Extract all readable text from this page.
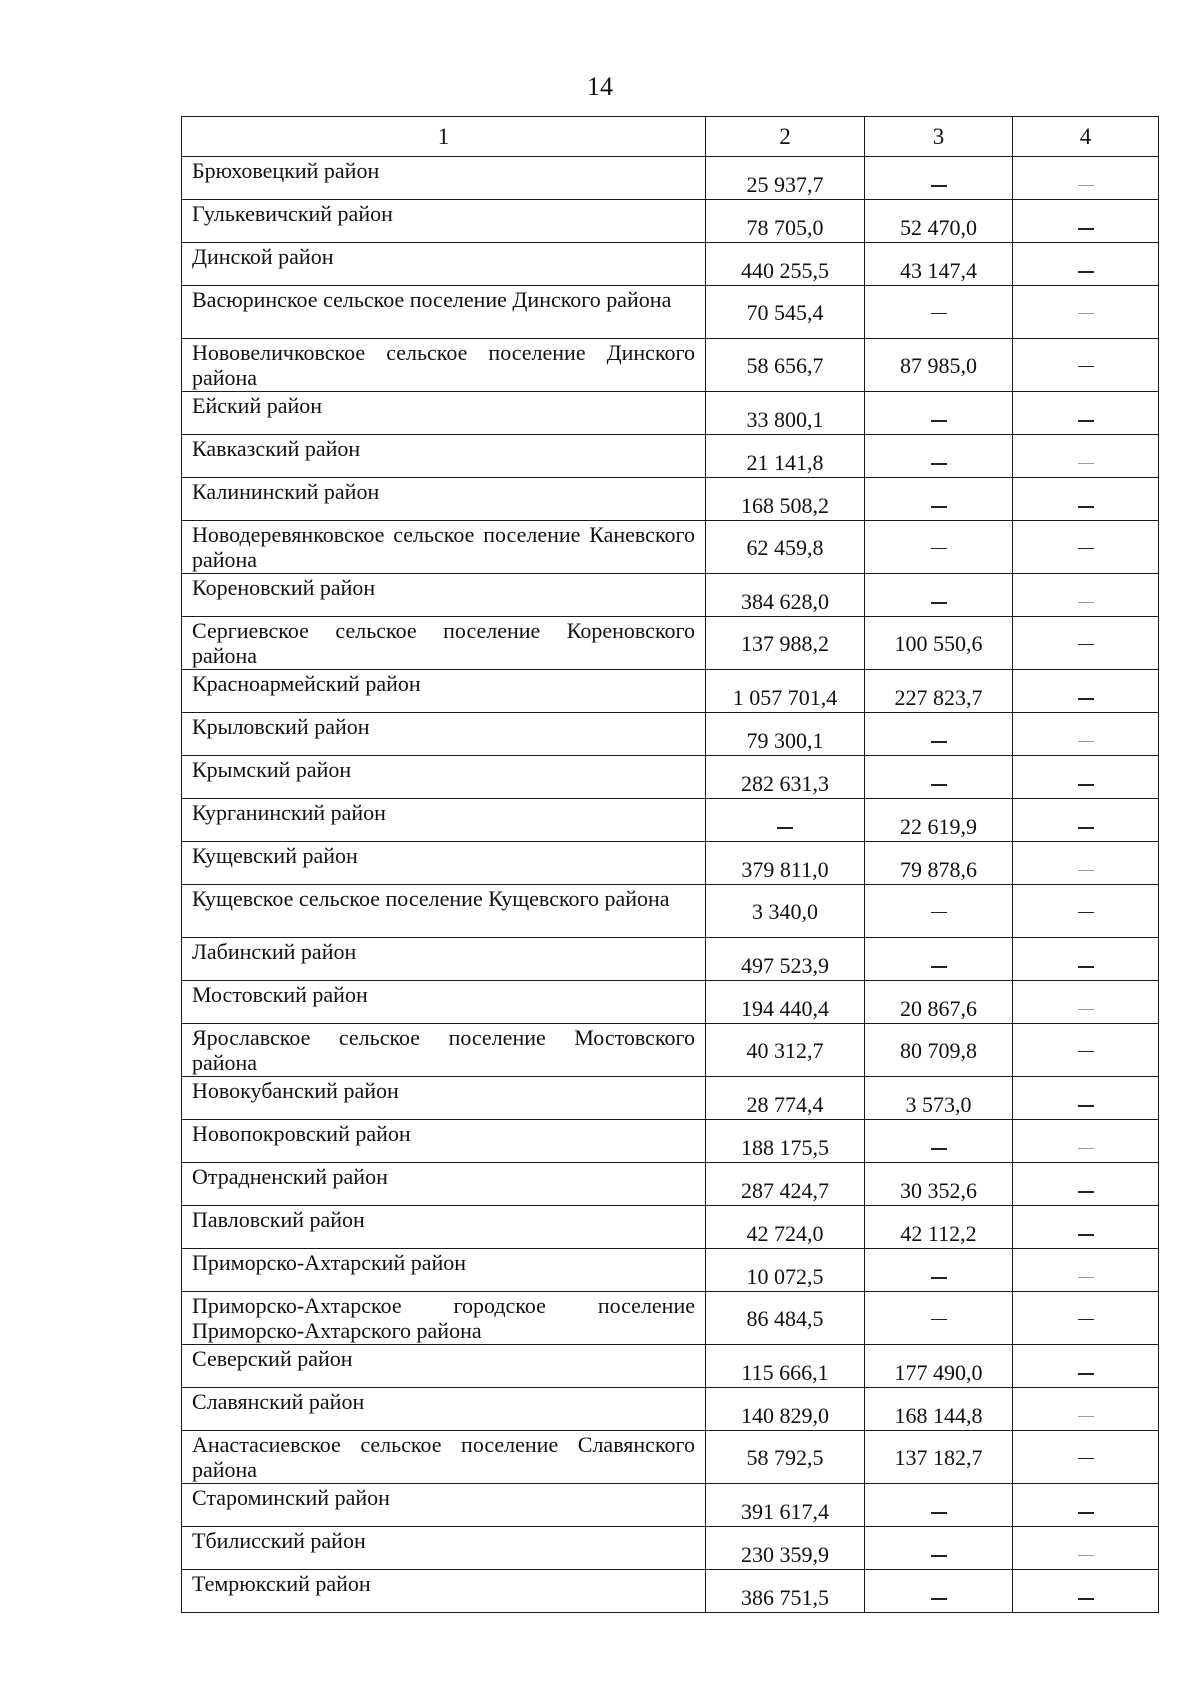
14
1	2	3	4

Брюховецкий район	25 937,7		

Гулькевичский район	78 705,0	52 470,0	

Динской район	440 255,5	43 147,4	

Васюринское сельское поселение Динского района	70 545,4		

Нововеличковское сельское поселение Динского района	58 656,7	87 985,0	

Ейский район	33 800,1		

Кавказский район	21 141,8		

Калининский район	168 508,2		

Новодеревянковское сельское поселение Каневского района	62 459,8		

Кореновский район	384 628,0		

Сергиевское сельское поселение Кореновского района	137 988,2	100 550,6	

Красноармейский район	1 057 701,4	227 823,7	

Крыловский район	79 300,1		

Крымский район	282 631,3		

Курганинский район		22 619,9	

Кущевский район	379 811,0	79 878,6	

Кущевское сельское поселение Кущевского района	3 340,0		

Лабинский район	497 523,9		

Мостовский район	194 440,4	20 867,6	

Ярославское сельское поселение Мостовского района	40 312,7	80 709,8	

Новокубанский район	28 774,4	3 573,0	

Новопокровский район	188 175,5		

Отрадненский район	287 424,7	30 352,6	

Павловский район	42 724,0	42 112,2	

Приморско-Ахтарский район	10 072,5		

Приморско-Ахтарское городское поселение Приморско-Ахтарского района	86 484,5		

Северский район	115 666,1	177 490,0	

Славянский район	140 829,0	168 144,8	

Анастасиевское сельское поселение Славянского района	58 792,5	137 182,7	

Староминский район	391 617,4		

Тбилисский район	230 359,9		

Темрюкский район	386 751,5		
